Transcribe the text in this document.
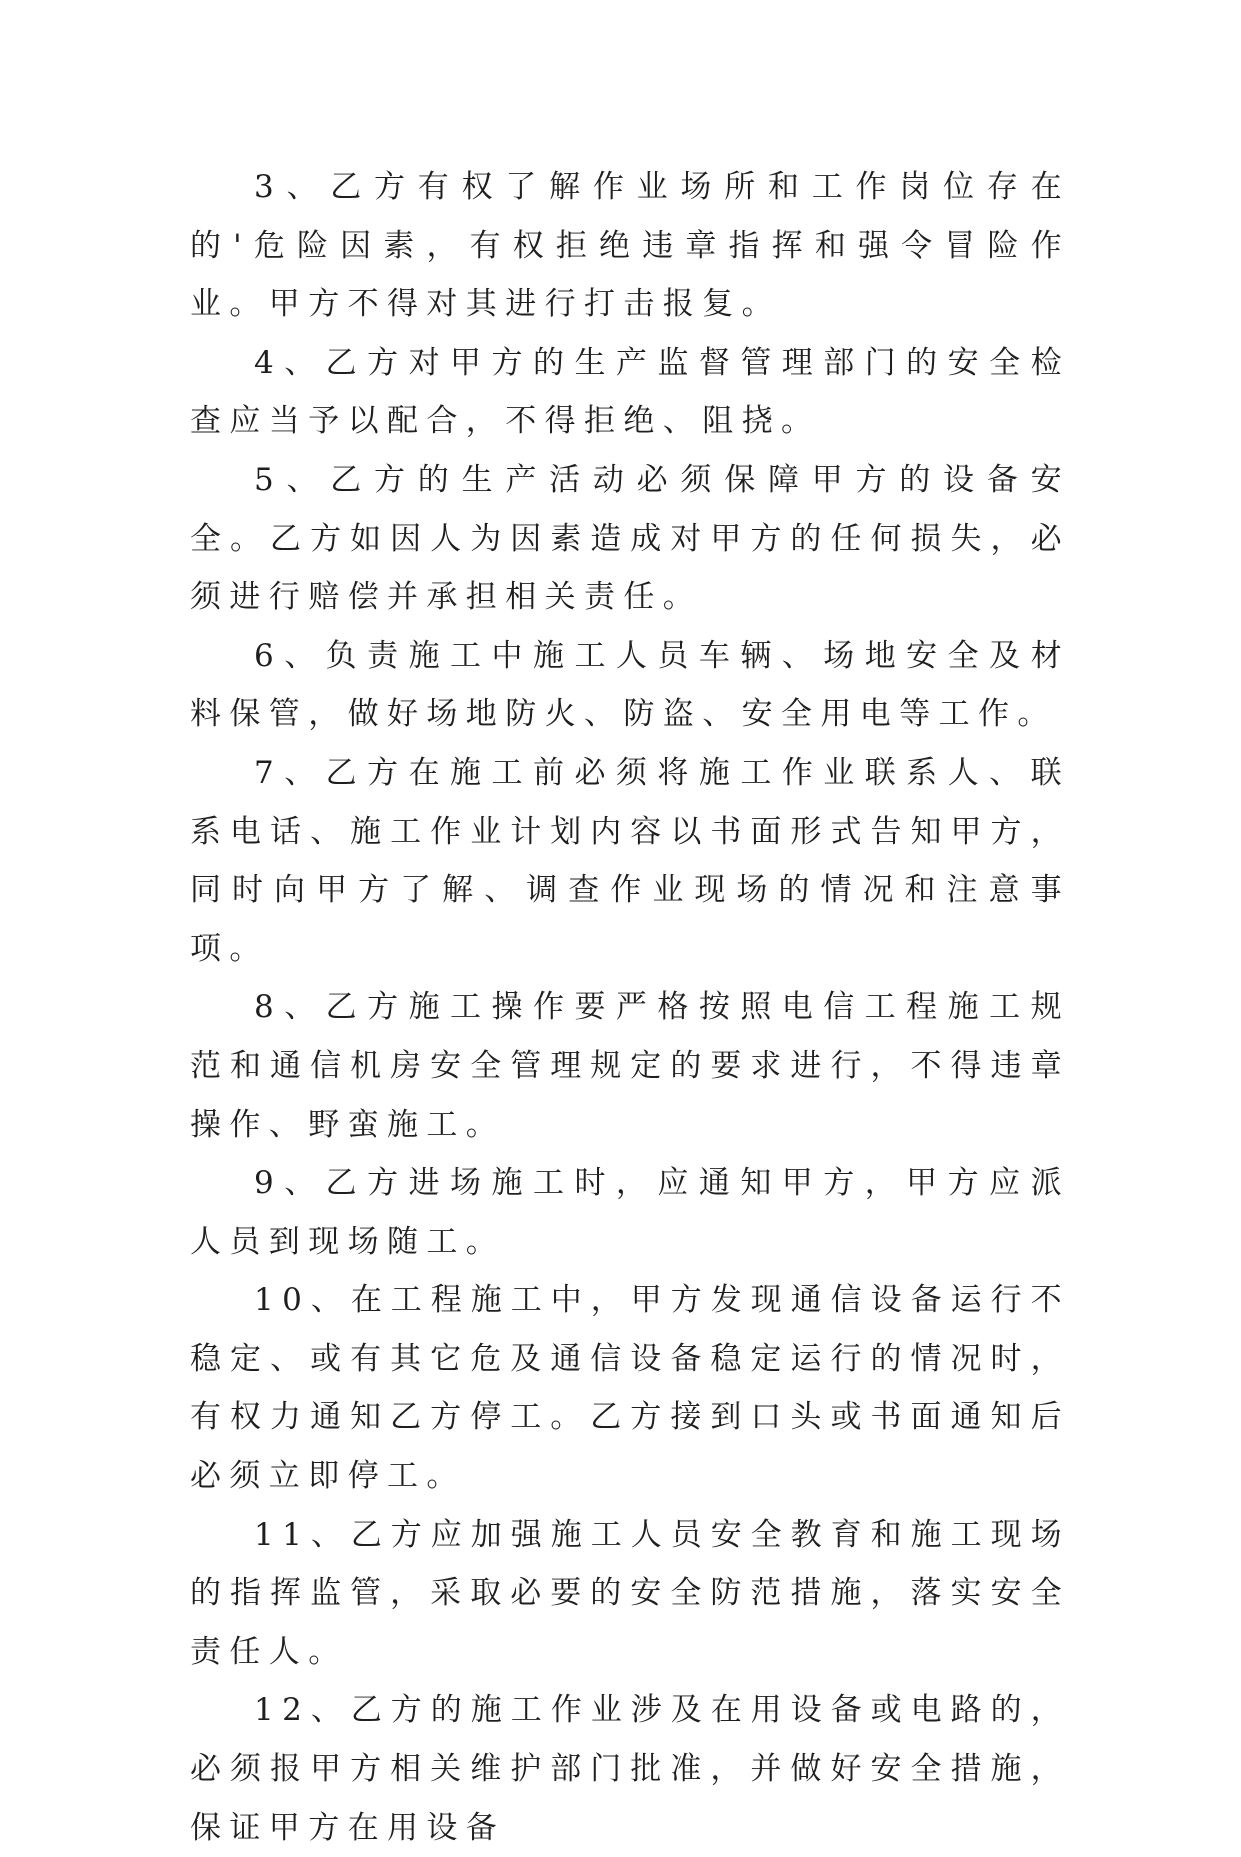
3、乙方有权了解作业场所和工作岗位存在的'危险因素，有权拒绝违章指挥和强令冒险作业。甲方不得对其进行打击报复。

4、乙方对甲方的生产监督管理部门的安全检查应当予以配合，不得拒绝、阻挠。

5、乙方的生产活动必须保障甲方的设备安全。乙方如因人为因素造成对甲方的任何损失，必须进行赔偿并承担相关责任。

6、负责施工中施工人员车辆、场地安全及材料保管，做好场地防火、防盗、安全用电等工作。

7、乙方在施工前必须将施工作业联系人、联系电话、施工作业计划内容以书面形式告知甲方，同时向甲方了解、调查作业现场的情况和注意事项。

8、乙方施工操作要严格按照电信工程施工规范和通信机房安全管理规定的要求进行，不得违章操作、野蛮施工。

9、乙方进场施工时，应通知甲方，甲方应派人员到现场随工。

10、在工程施工中，甲方发现通信设备运行不稳定、或有其它危及通信设备稳定运行的情况时，有权力通知乙方停工。乙方接到口头或书面通知后必须立即停工。

11、乙方应加强施工人员安全教育和施工现场的指挥监管，采取必要的安全防范措施，落实安全责任人。

12、乙方的施工作业涉及在用设备或电路的，必须报甲方相关维护部门批准，并做好安全措施，保证甲方在用设备
